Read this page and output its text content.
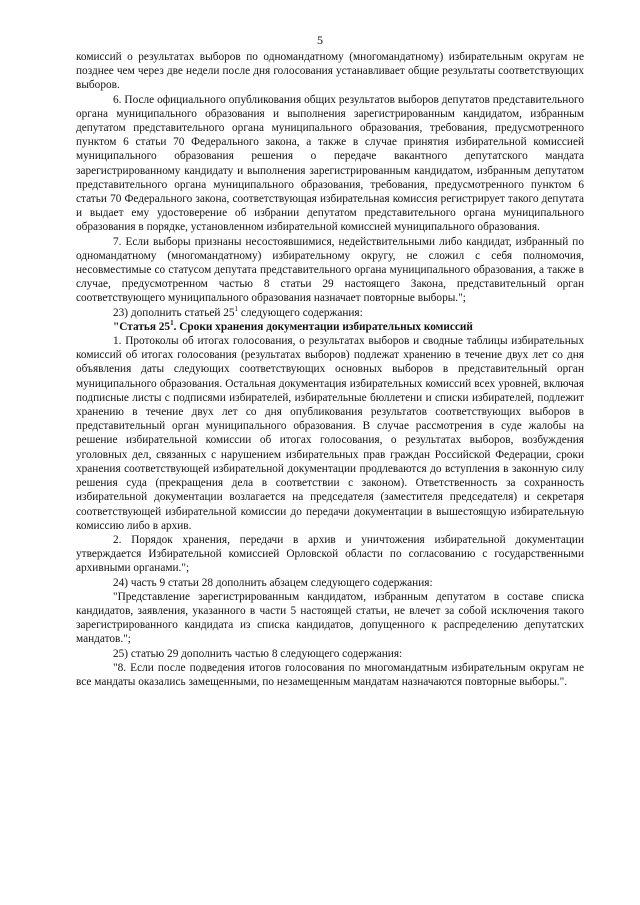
5

комиссий о результатах выборов по одномандатному (многомандатному) избирательным округам не позднее чем через две недели после дня голосования устанавливает общие результаты соответствующих выборов.

6. После официального опубликования общих результатов выборов депутатов представительного органа муниципального образования и выполнения зарегистрированным кандидатом, избранным депутатом представительного органа муниципального образования, требования, предусмотренного пунктом 6 статьи 70 Федерального закона, а также в случае принятия избирательной комиссией муниципального образования решения о передаче вакантного депутатского мандата зарегистрированному кандидату и выполнения зарегистрированным кандидатом, избранным депутатом представительного органа муниципального образования, требования, предусмотренного пунктом 6 статьи 70 Федерального закона, соответствующая избирательная комиссия регистрирует такого депутата и выдает ему удостоверение об избрании депутатом представительного органа муниципального образования в порядке, установленном избирательной комиссией муниципального образования.

7. Если выборы признаны несостоявшимися, недействительными либо кандидат, избранный по одномандатному (многомандатному) избирательному округу, не сложил с себя полномочия, несовместимые со статусом депутата представительного органа муниципального образования, а также в случае, предусмотренном частью 8 статьи 29 настоящего Закона, представительный орган соответствующего муниципального образования назначает повторные выборы.";

23) дополнить статьей $25^1$ следующего содержания:

"Статья $25^1$. Сроки хранения документации избирательных комиссий

1. Протоколы об итогах голосования, о результатах выборов и сводные таблицы избирательных комиссий об итогах голосования (результатах выборов) подлежат хранению в течение двух лет со дня объявления даты следующих соответствующих основных выборов в представительный орган муниципального образования. Остальная документация избирательных комиссий всех уровней, включая подписные листы с подписями избирателей, избирательные бюллетени и списки избирателей, подлежит хранению в течение двух лет со дня опубликования результатов соответствующих выборов в представительный орган муниципального образования. В случае рассмотрения в суде жалобы на решение избирательной комиссии об итогах голосования, о результатах выборов, возбуждения уголовных дел, связанных с нарушением избирательных прав граждан Российской Федерации, сроки хранения соответствующей избирательной документации продлеваются до вступления в законную силу решения суда (прекращения дела в соответствии с законом). Ответственность за сохранность избирательной документации возлагается на председателя (заместителя председателя) и секретаря соответствующей избирательной комиссии до передачи документации в вышестоящую избирательную комиссию либо в архив.

2. Порядок хранения, передачи в архив и уничтожения избирательной документации утверждается Избирательной комиссией Орловской области по согласованию с государственными архивными органами.";

24) часть 9 статьи 28 дополнить абзацем следующего содержания:

"Представление зарегистрированным кандидатом, избранным депутатом в составе списка кандидатов, заявления, указанного в части 5 настоящей статьи, не влечет за собой исключения такого зарегистрированного кандидата из списка кандидатов, допущенного к распределению депутатских мандатов.";

25) статью 29 дополнить частью 8 следующего содержания:

"8. Если после подведения итогов голосования по многомандатным избирательным округам не все мандаты оказались замещенными, по незамещенным мандатам назначаются повторные выборы.".
